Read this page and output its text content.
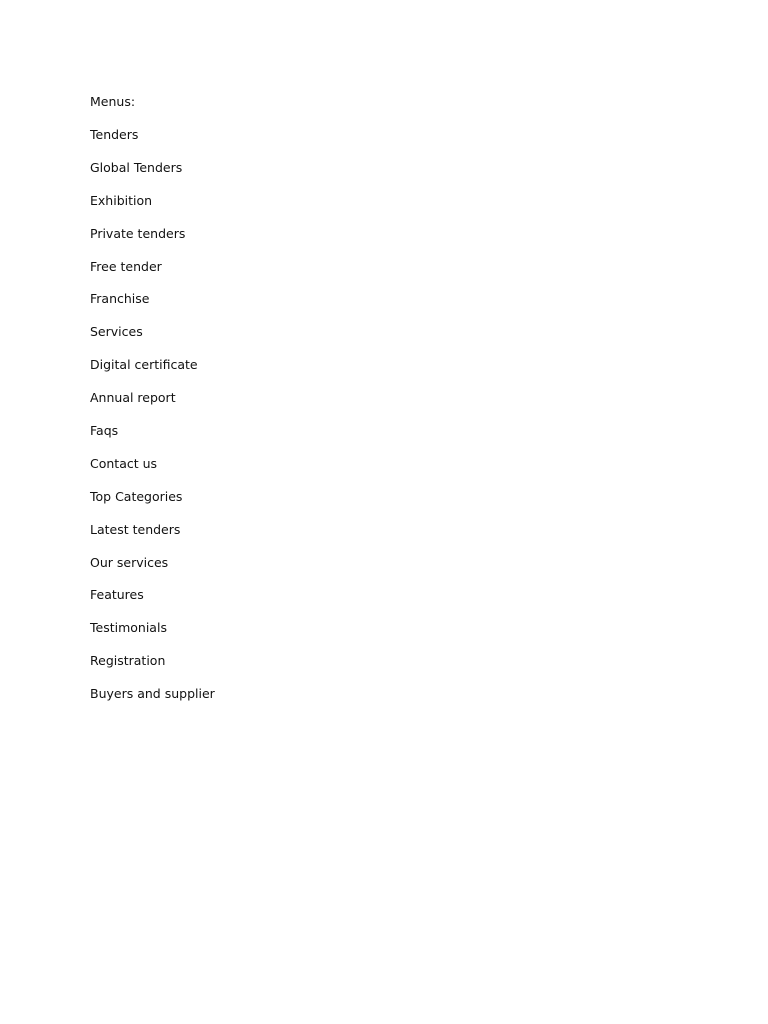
Menus:

Tenders
Global Tenders
Exhibition
Private tenders
Free tender
Franchise
Services
Digital certificate
Annual report
Faqs
Contact us
Top Categories
Latest tenders
Our services
Features
Testimonials
Registration
Buyers and supplier
